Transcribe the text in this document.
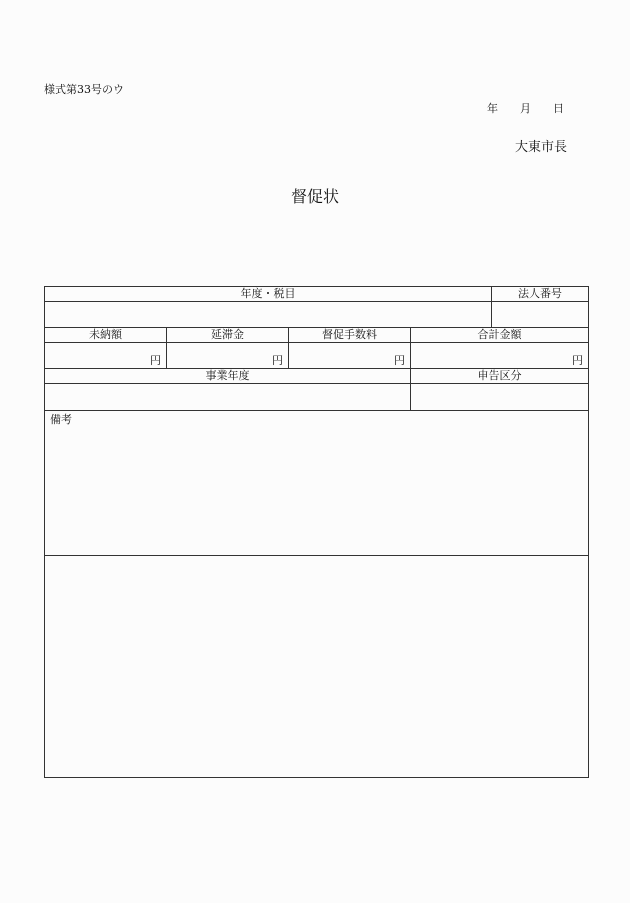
様式第33号のウ
年 月 日
大東市長
督促状
年度・税目				法人番号

未納額	延滞金	督促手数料	合計金額	
円	円	円	円	
事業年度			申告区分	

備考				
